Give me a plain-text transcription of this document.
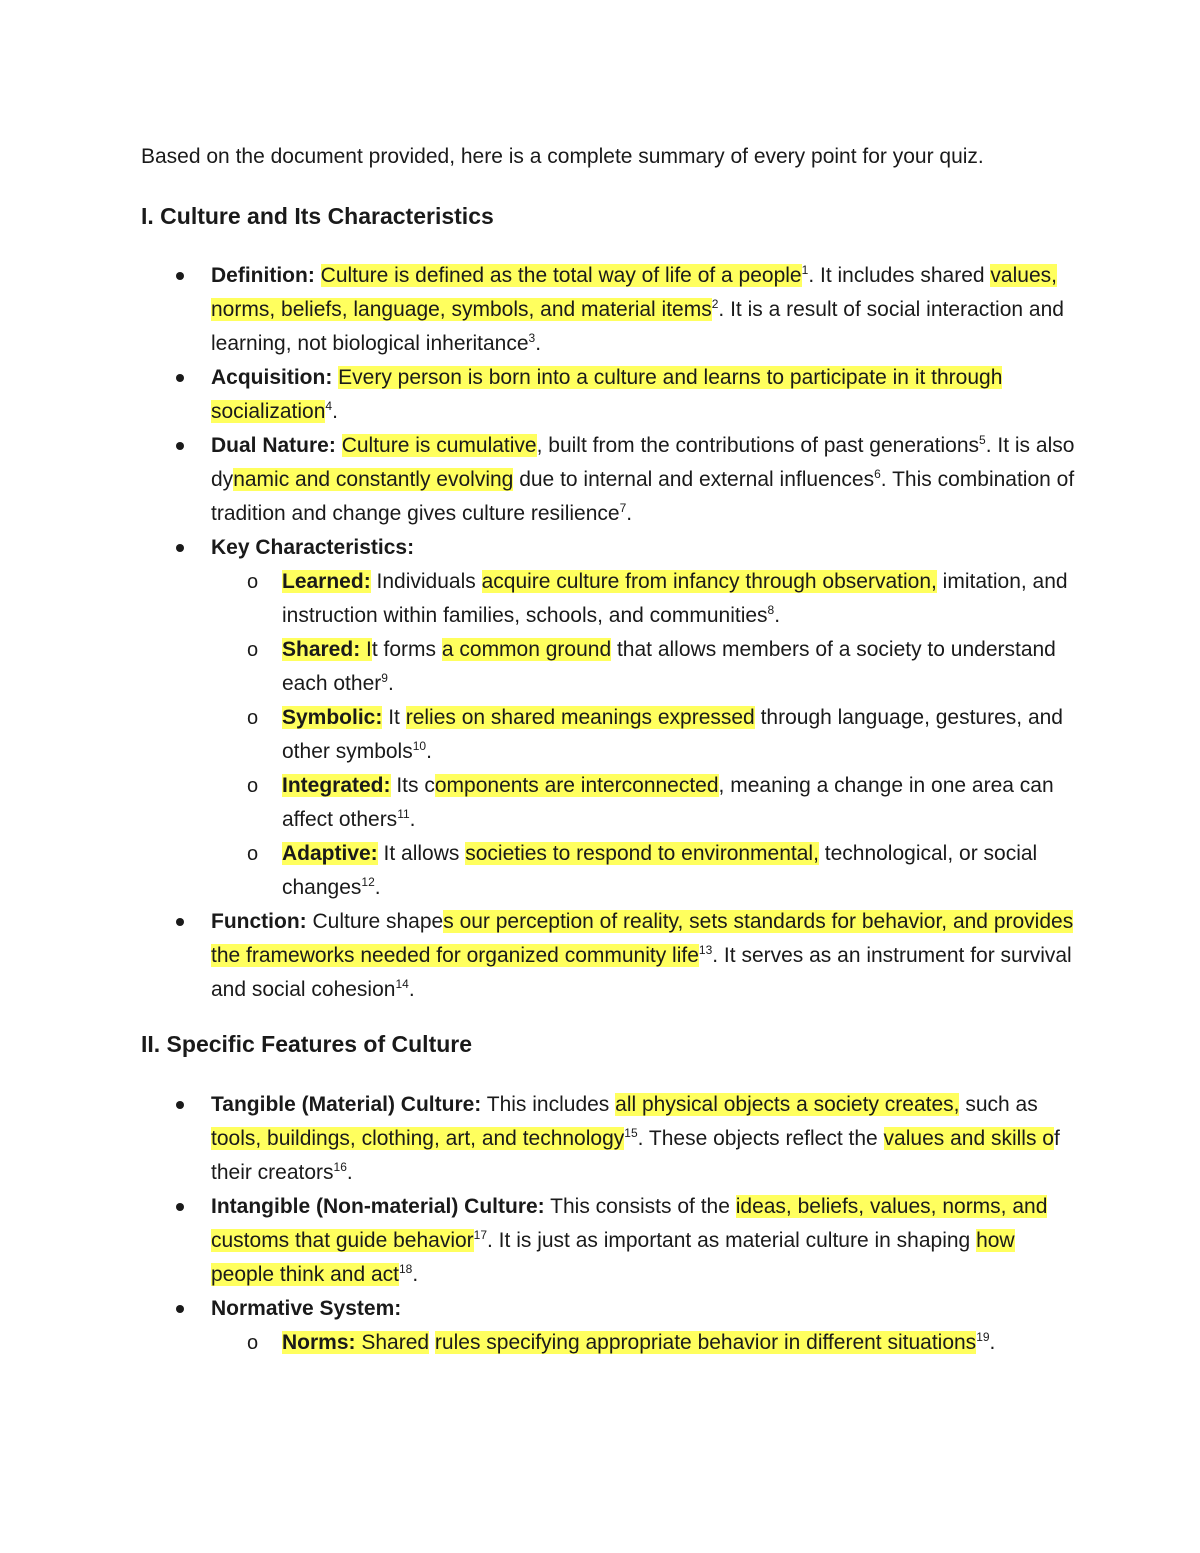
Based on the document provided, here is a complete summary of every point for your quiz.

I. Culture and Its Characteristics
Definition: Culture is defined as the total way of life of a people$^1$. It includes shared values, norms, beliefs, language, symbols, and material items$^2$. It is a result of social interaction and learning, not biological inheritance$^3$.
Acquisition: Every person is born into a culture and learns to participate in it through socialization$^4$.
Dual Nature: Culture is cumulative, built from the contributions of past generations$^5$. It is also dynamic and constantly evolving due to internal and external influences$^6$. This combination of tradition and change gives culture resilience$^7$.
Key Characteristics:
o Learned: Individuals acquire culture from infancy through observation, imitation, and instruction within families, schools, and communities$^8$.
o Shared: It forms a common ground that allows members of a society to understand each other$^9$.
o Symbolic: It relies on shared meanings expressed through language, gestures, and other symbols$^{10}$.
o Integrated: Its components are interconnected, meaning a change in one area can affect others$^{11}$.
o Adaptive: It allows societies to respond to environmental, technological, or social changes$^{12}$.
Function: Culture shapes our perception of reality, sets standards for behavior, and provides the frameworks needed for organized community life$^{13}$. It serves as an instrument for survival and social cohesion$^{14}$.
II. Specific Features of Culture
Tangible (Material) Culture: This includes all physical objects a society creates, such as tools, buildings, clothing, art, and technology$^{15}$. These objects reflect the values and skills of their creators$^{16}$.
Intangible (Non-material) Culture: This consists of the ideas, beliefs, values, norms, and customs that guide behavior$^{17}$. It is just as important as material culture in shaping how people think and act$^{18}$.
Normative System:
o Norms: Shared rules specifying appropriate behavior in different situations$^{19}$.
